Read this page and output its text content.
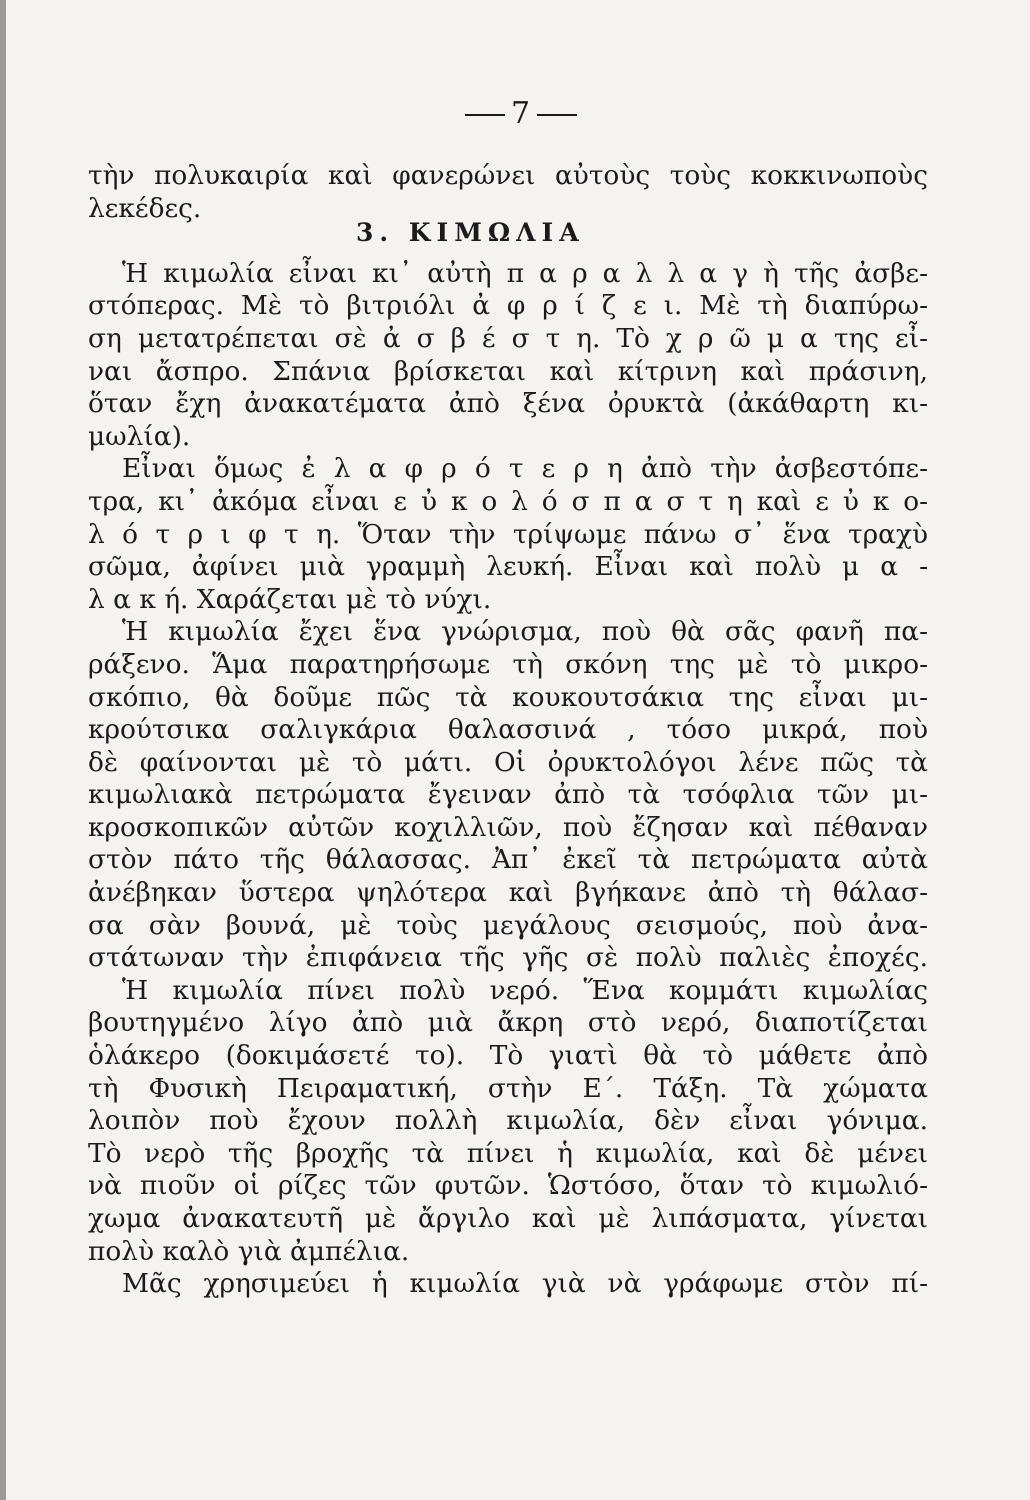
7
3. ΚΙΜΩΛΙΑ
τὴν πολυκαιρία καὶ φανερώνει αὐτοὺς τοὺς κοκκινωποὺς
λεκέδες.
Ἡ κιμωλία εἶναι κι᾿ αὐτὴ π α ρ α λ λ α γ ὴ τῆς ἀσβε-
στόπερας. Μὲ τὸ βιτριόλι ἀ φ ρ ί ζ ε ι. Μὲ τὴ διαπύρω-
ση μετατρέπεται σὲ ἀ σ β έ σ τ η. Τὸ χ ρ ῶ μ α της εἶ-
ναι ἄσπρο. Σπάνια βρίσκεται καὶ κίτρινη καὶ πράσινη,
ὅταν ἔχη ἀνακατέματα ἀπὸ ξένα ὀρυκτὰ (ἀκάθαρτη κι-
μωλία).
Εἶναι ὅμως ἐ λ α φ ρ ό τ ε ρ η ἀπὸ τὴν ἀσβεστόπε-
τρα, κι᾿ ἀκόμα εἶναι ε ὐ κ ο λ ό σ π α σ τ η καὶ ε ὐ κ ο-
λ ό τ ρ ι φ τ η. Ὅταν τὴν τρίψωμε πάνω σ᾿ ἕνα τραχὺ
σῶμα, ἀφίνει μιὰ γραμμὴ λευκή. Εἶναι καὶ πολὺ μ α -
λ α κ ή. Χαράζεται μὲ τὸ νύχι.
Ἡ κιμωλία ἔχει ἕνα γνώρισμα, ποὺ θὰ σᾶς φανῆ πα-
ράξενο. Ἅμα παρατηρήσωμε τὴ σκόνη της μὲ τὸ μικρο-
σκόπιο, θὰ δοῦμε πῶς τὰ κουκουτσάκια της εἶναι μι-
κρούτσικα σαλιγκάρια θαλασσινά , τόσο μικρά, ποὺ
δὲ φαίνονται μὲ τὸ μάτι. Οἱ ὀρυκτολόγοι λένε πῶς τὰ
κιμωλιακὰ πετρώματα ἔγειναν ἀπὸ τὰ τσόφλια τῶν μι-
κροσκοπικῶν αὐτῶν κοχιλλιῶν, ποὺ ἔζησαν καὶ πέθαναν
στὸν πάτο τῆς θάλασσας. Ἀπ᾿ ἐκεῖ τὰ πετρώματα αὐτὰ
ἀνέβηκαν ὕστερα ψηλότερα καὶ βγήκανε ἀπὸ τὴ θάλασ-
σα σὰν βουνά, μὲ τοὺς μεγάλους σεισμούς, ποὺ ἀνα-
στάτωναν τὴν ἐπιφάνεια τῆς γῆς σὲ πολὺ παλιὲς ἐποχές.
Ἡ κιμωλία πίνει πολὺ νερό. Ἕνα κομμάτι κιμωλίας
βουτηγμένο λίγο ἀπὸ μιὰ ἄκρη στὸ νερό, διαποτίζεται
ὁλάκερο (δοκιμάσετέ το). Τὸ γιατὶ θὰ τὸ μάθετε ἀπὸ
τὴ Φυσικὴ Πειραματική, στὴν Ε΄. Τάξη. Τὰ χώματα
λοιπὸν ποὺ ἔχουν πολλὴ κιμωλία, δὲν εἶναι γόνιμα.
Τὸ νερὸ τῆς βροχῆς τὰ πίνει ἡ κιμωλία, καὶ δὲ μένει
νὰ πιοῦν οἱ ρίζες τῶν φυτῶν. Ὡστόσο, ὅταν τὸ κιμωλιό-
χωμα ἀνακατευτῆ μὲ ἄργιλο καὶ μὲ λιπάσματα, γίνεται
πολὺ καλὸ γιὰ ἀμπέλια.
Μᾶς χρησιμεύει ἡ κιμωλία γιὰ νὰ γράφωμε στὸν πί-
